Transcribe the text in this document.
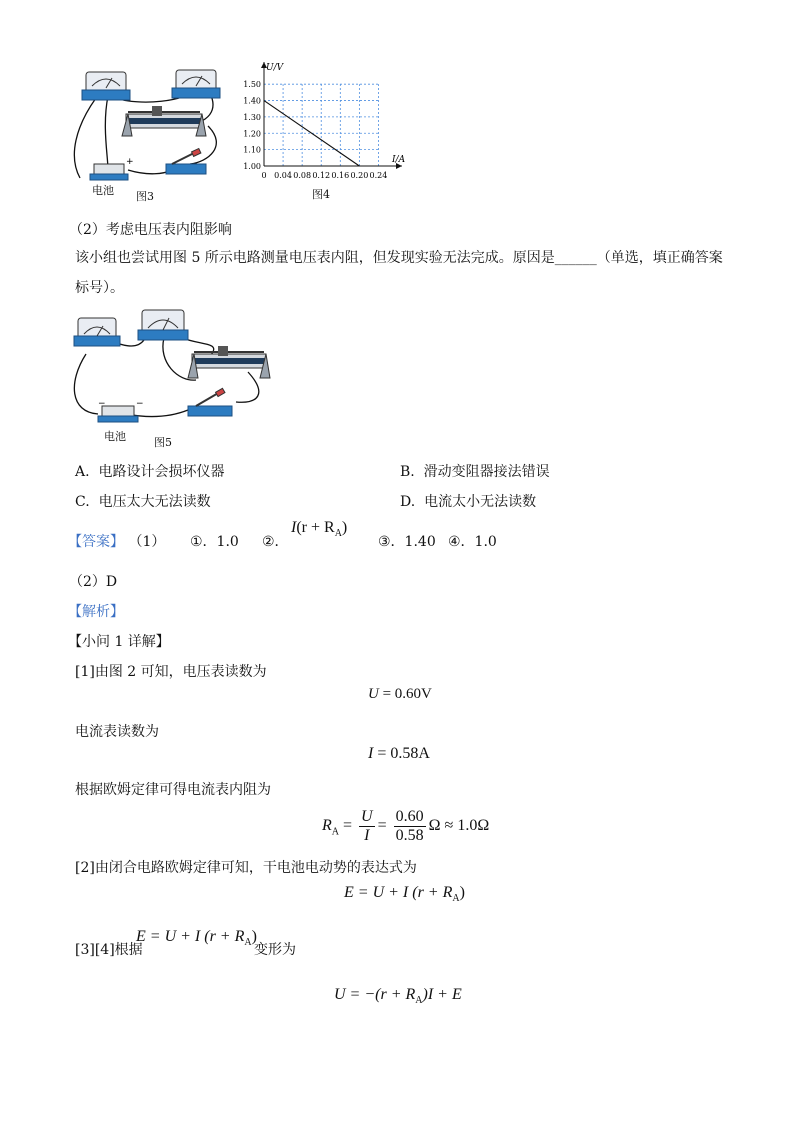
+
电池 图3
0 0.04 0.08 0.12 0.16 0.20 0.24
1.00
1.10
1.20
1.30
1.40
1.50
U/V
I/A
图4
（2）考虑电压表内阻影响
该小组也尝试用图 5 所示电路测量电压表内阻，但发现实验无法完成。原因是______（单选，填正确答案
标号）。
−	−
电池	图5
A. 电路设计会损坏仪器	B. 滑动变阻器接法错误
C. 电压太大无法读数	D. 电流太小无法读数
【答案】 （1） ①．1.0 ②．
$I(r + R_A)$
③．1.40 ④．1.0
（2）D
【解析】
【小问 1 详解】
[1]由图 2 可知，电压表读数为
U = 0.60V
电流表读数为
I = 0.58A
根据欧姆定律可得电流表内阻为
$R_A = \frac{U}{I} = \frac{0.60}{0.58}$ Ω ≈ 1.0Ω
[2]由闭合电路欧姆定律可知，干电池电动势的表达式为
E = U + I $(r + R_A)$
[3][4]根据
E = U + I $(r + R_A)$
变形为
$U = -(r + R_A)I + E$
